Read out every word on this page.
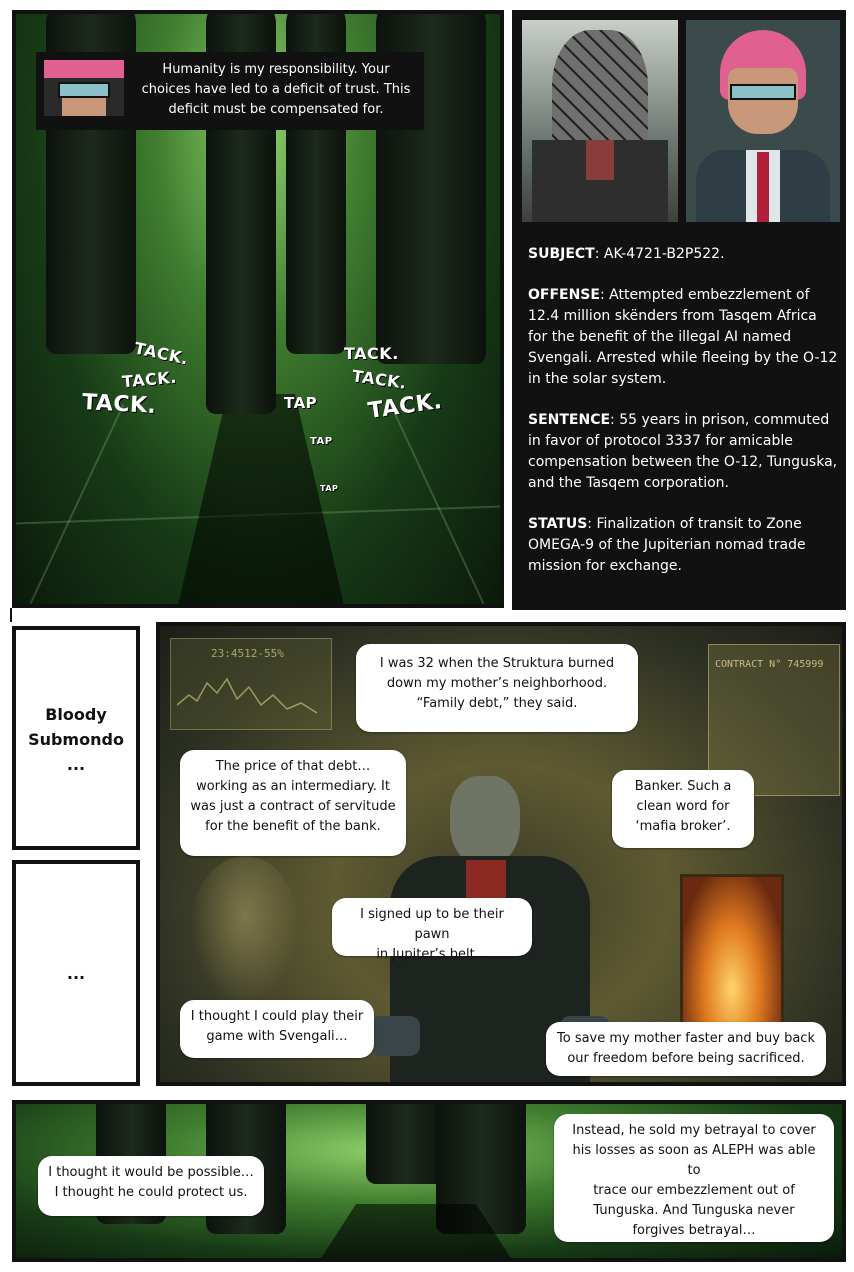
Humanity is my responsibility. Your
choices have led to a deficit of trust. This
deficit must be compensated for.
TACK.
TACK.
TACK.
TACK.
TACK.
TACK.
TAP
TAP
TAP

SUBJECT: AK-4721-B2P522.

OFFENSE: Attempted embezzlement of 12.4 million skënders from Tasqem Africa for the benefit of the illegal AI named Svengali. Arrested while fleeing by the O-12 in the solar system.

SENTENCE: 55 years in prison, commuted in favor of protocol 3337 for amicable compensation between the O-12, Tunguska, and the Tasqem corporation.

STATUS: Finalization of transit to Zone OMEGA-9 of the Jupiterian nomad trade mission for exchange.

Bloody
Submondo
...
...
23:4512-55%
CONTRACT N° 745999
I was 32 when the Struktura burned
down my mother’s neighborhood.
“Family debt,” they said.
The price of that debt…
working as an intermediary. It
was just a contract of servitude
for the benefit of the bank.
Banker. Such a
clean word for
‘mafia broker’.
I signed up to be their pawn
in Jupiter’s belt…
I thought I could play their
game with Svengali…	To save my mother faster and buy back
our freedom before being sacrificed.
I thought it would be possible…
I thought he could protect us.
Instead, he sold my betrayal to cover
his losses as soon as ALEPH was able to
trace our embezzlement out of
Tunguska. And Tunguska never
forgives betrayal…
